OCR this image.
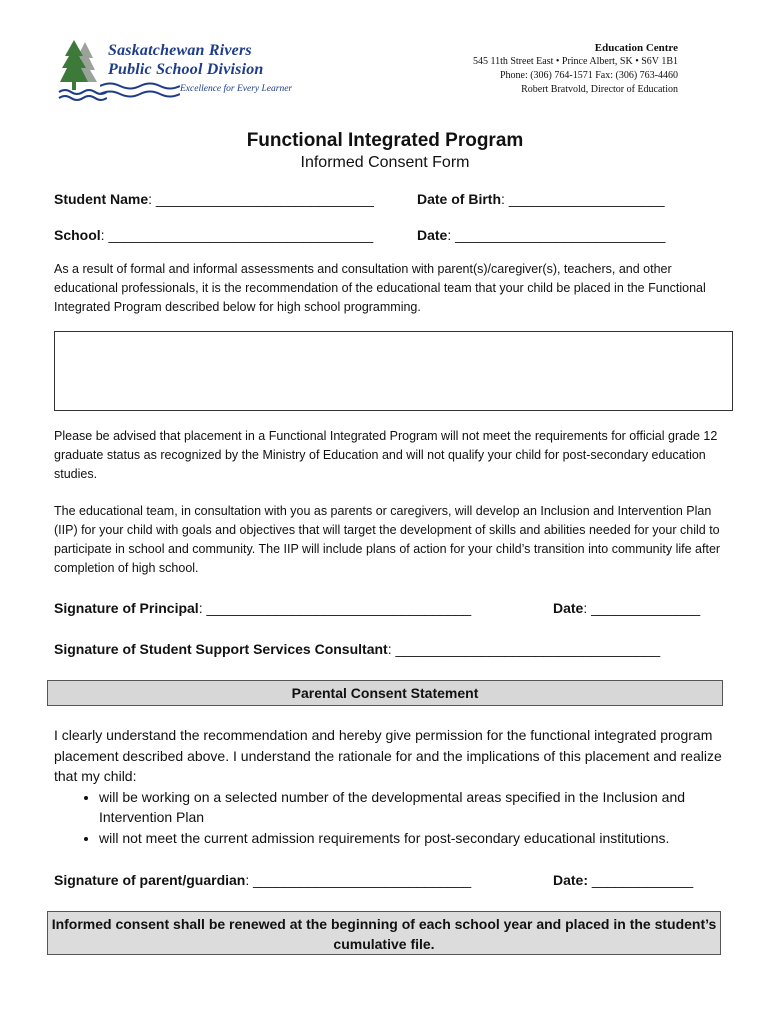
Saskatchewan Rivers
Public School Division
Excellence for Every Learner
Education Centre
545 11th Street East • Prince Albert, SK • S6V 1B1
Phone: (306) 764-1571 Fax: (306) 763-4460
Robert Bratvold, Director of Education
Functional Integrated Program
Informed Consent Form
Student Name: ____________________________	Date of Birth: ____________________
School: __________________________________	Date: ___________________________
As a result of formal and informal assessments and consultation with parent(s)/caregiver(s), teachers, and other educational professionals, it is the recommendation of the educational team that your child be placed in the Functional Integrated Program described below for high school programming.
Please be advised that placement in a Functional Integrated Program will not meet the requirements for official grade 12 graduate status as recognized by the Ministry of Education and will not qualify your child for post-secondary education studies.
The educational team, in consultation with you as parents or caregivers, will develop an Inclusion and Intervention Plan (IIP) for your child with goals and objectives that will target the development of skills and abilities needed for your child to participate in school and community. The IIP will include plans of action for your child’s transition into community life after completion of high school.
Signature of Principal: __________________________________	Date: ______________
Signature of Student Support Services Consultant: __________________________________
Parental Consent Statement
I clearly understand the recommendation and hereby give permission for the functional integrated program placement described above. I understand the rationale for and the implications of this placement and realize that my child:
• will be working on a selected number of the developmental areas specified in the Inclusion and Intervention Plan
• will not meet the current admission requirements for post-secondary educational institutions.
Signature of parent/guardian: ____________________________	Date: _____________
Informed consent shall be renewed at the beginning of each school year and placed in the student’s cumulative file.
